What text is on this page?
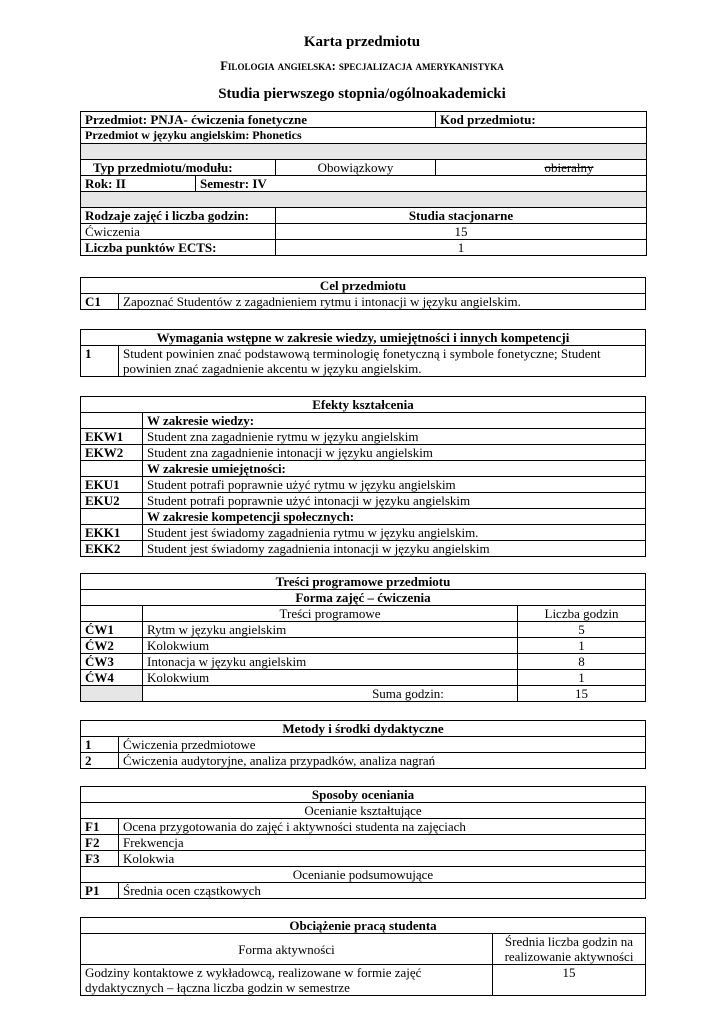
Karta przedmiotu
Filologia angielska: specjalizacja amerykanistyka
Studia pierwszego stopnia/ogólnoakademicki
Przedmiot: PNJA- ćwiczenia fonetyczne			Kod przedmiotu:
Przedmiot w języku angielskim: Phonetics			

Typ przedmiotu/modułu:		Obowiązkowy	obieralny
Rok: II	Semestr: IV		

Rodzaje zajęć i liczba godzin:		Studia stacjonarne	
Ćwiczenia		15	
Liczba punktów ECTS:		1	
Cel przedmiotu
C1	Zapoznać Studentów z zagadnieniem rytmu i intonacji w języku angielskim.
Wymagania wstępne w zakresie wiedzy, umiejętności i innych kompetencji
1	Student powinien znać podstawową terminologię fonetyczną i symbole fonetyczne; Student powinien znać zagadnienie akcentu w języku angielskim.
Efekty kształcenia	
	W zakresie wiedzy:
EKW1	Student zna zagadnienie rytmu w języku angielskim
EKW2	Student zna zagadnienie intonacji w języku angielskim
	W zakresie umiejętności:
EKU1	Student potrafi poprawnie użyć rytmu w języku angielskim
EKU2	Student potrafi poprawnie użyć intonacji w języku angielskim
	W zakresie kompetencji społecznych:
EKK1	Student jest świadomy zagadnienia rytmu w języku angielskim.
EKK2	Student jest świadomy zagadnienia intonacji w języku angielskim
Treści programowe przedmiotu		
Forma zajęć – ćwiczenia		
	Treści programowe	Liczba godzin
ĆW1	Rytm w języku angielskim	5
ĆW2	Kolokwium	1
ĆW3	Intonacja w języku angielskim	8
ĆW4	Kolokwium	1
	Suma godzin:	15
Metody i środki dydaktyczne	
1	Ćwiczenia przedmiotowe
2	Ćwiczenia audytoryjne, analiza przypadków, analiza nagrań
Sposoby oceniania	
Ocenianie kształtujące	
F1	Ocena przygotowania do zajęć i aktywności studenta na zajęciach
F2	Frekwencja
F3	Kolokwia
Ocenianie podsumowujące	
P1	Średnia ocen cząstkowych
Obciążenie pracą studenta	
Forma aktywności	Średnia liczba godzin na realizowanie aktywności
Godziny kontaktowe z wykładowcą, realizowane w formie zajęć dydaktycznych – łączna liczba godzin w semestrze	15
